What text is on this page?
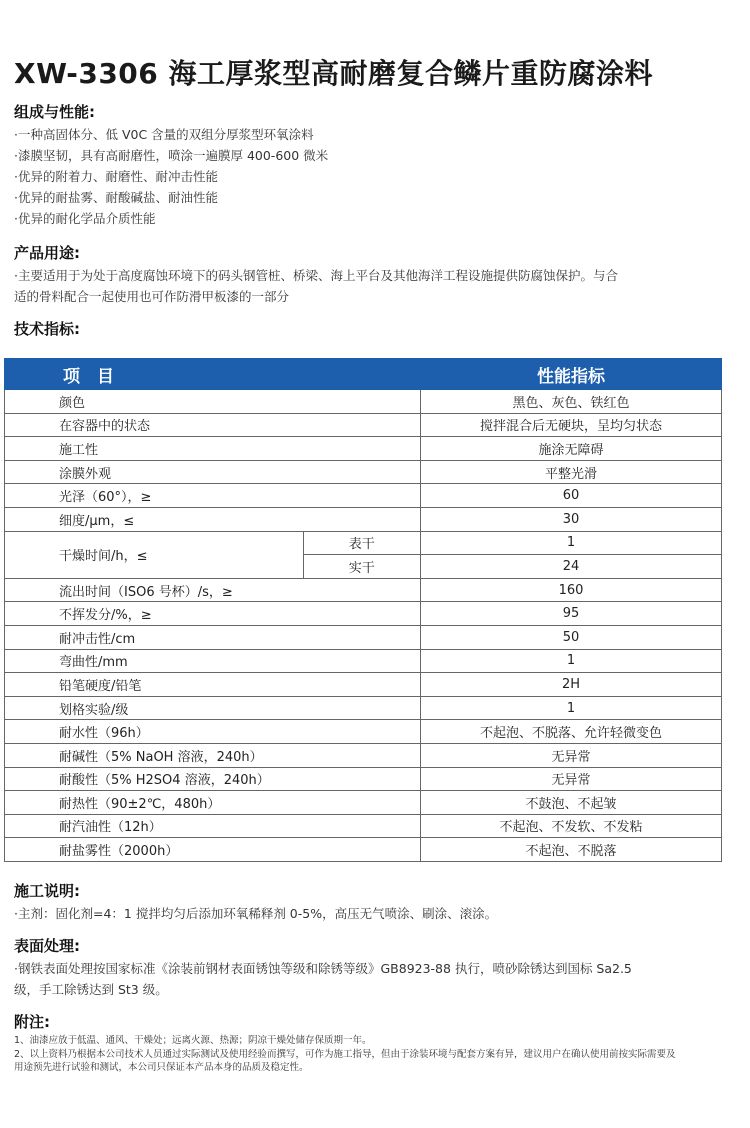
XW-3306 海工厚浆型高耐磨复合鳞片重防腐涂料
组成与性能:
·一种高固体分、低 V0C 含量的双组分厚浆型环氧涂料
·漆膜坚韧，具有高耐磨性，喷涂一遍膜厚 400-600 微米
·优异的附着力、耐磨性、耐冲击性能
·优异的耐盐雾、耐酸碱盐、耐油性能
·优异的耐化学品介质性能
产品用途:
·主要适用于为处于高度腐蚀环境下的码头钢管桩、桥梁、海上平台及其他海洋工程设施提供防腐蚀保护。与合
适的骨料配合一起使用也可作防滑甲板漆的一部分
技术指标:
项　目		性能指标
颜色		黑色、灰色、铁红色
在容器中的状态		搅拌混合后无硬块，呈均匀状态
施工性		施涂无障碍
涂膜外观		平整光滑
光泽（60°），≥		60
细度/μm，≤		30
干燥时间/h，≤	表干	1
	实干	24
流出时间（ISO6 号杯）/s，≥		160
不挥发分/%，≥		95
耐冲击性/cm		50
弯曲性/mm		1
铅笔硬度/铅笔		2H
划格实验/级		1
耐水性（96h）		不起泡、不脱落、允许轻微变色
耐碱性（5% NaOH 溶液，240h）		无异常
耐酸性（5% H2SO4 溶液，240h）		无异常
耐热性（90±2℃，480h）		不鼓泡、不起皱
耐汽油性（12h）		不起泡、不发软、不发粘
耐盐雾性（2000h）		不起泡、不脱落
施工说明:
·主剂：固化剂=4：1 搅拌均匀后添加环氧稀释剂 0-5%，高压无气喷涂、刷涂、滚涂。
表面处理:
·钢铁表面处理按国家标准《涂装前钢材表面锈蚀等级和除锈等级》GB8923-88 执行，喷砂除锈达到国标 Sa2.5
级，手工除锈达到 St3 级。
附注:
1、油漆应放于低温、通风、干燥处；远离火源、热源；阴凉干燥处储存保质期一年。
2、以上资料乃根据本公司技术人员通过实际测试及使用经验而撰写，可作为施工指导，但由于涂装环境与配套方案有异，建议用户在确认使用前按实际需要及
用途预先进行试验和测试，本公司只保证本产品本身的品质及稳定性。
